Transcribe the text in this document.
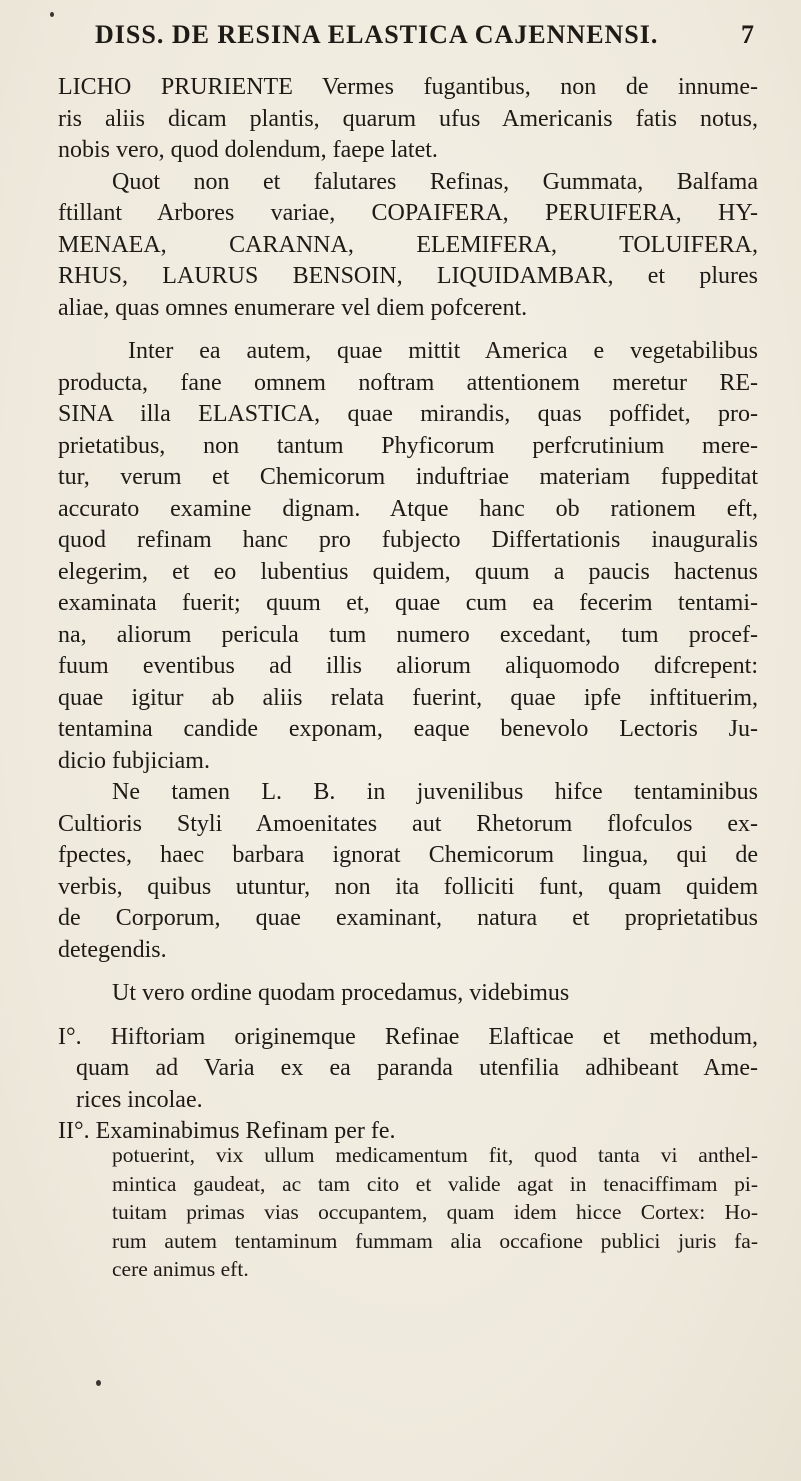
DISS. DE RESINA ELASTICA CAJENNENSI.	7

LICHO PRURIENTE Vermes fugantibus, non de innume-
ris aliis dicam plantis, quarum ufus Americanis fatis notus,
nobis vero, quod dolendum, faepe latet.

Quot non et falutares Refinas, Gummata, Balfama
ftillant Arbores variae, COPAIFERA, PERUIFERA, HY-
MENAEA, CARANNA, ELEMIFERA, TOLUIFERA,
RHUS, LAURUS BENSOIN, LIQUIDAMBAR, et plures
aliae, quas omnes enumerare vel diem pofcerent.

Inter ea autem, quae mittit America e vegetabilibus
producta, fane omnem noftram attentionem meretur RE-
SINA illa ELASTICA, quae mirandis, quas poffidet, pro-
prietatibus, non tantum Phyficorum perfcrutinium mere-
tur, verum et Chemicorum induftriae materiam fuppeditat
accurato examine dignam. Atque hanc ob rationem eft,
quod refinam hanc pro fubjecto Differtationis inauguralis
elegerim, et eo lubentius quidem, quum a paucis hactenus
examinata fuerit; quum et, quae cum ea fecerim tentami-
na, aliorum pericula tum numero excedant, tum procef-
fuum eventibus ad illis aliorum aliquomodo difcrepent:
quae igitur ab aliis relata fuerint, quae ipfe inftituerim,
tentamina candide exponam, eaque benevolo Lectoris Ju-
dicio fubjiciam.

Ne tamen L. B. in juvenilibus hifce tentaminibus
Cultioris Styli Amoenitates aut Rhetorum flofculos ex-
fpectes, haec barbara ignorat Chemicorum lingua, qui de
verbis, quibus utuntur, non ita folliciti funt, quam quidem
de Corporum, quae examinant, natura et proprietatibus
detegendis.

Ut vero ordine quodam procedamus, videbimus

I°. Hiftoriam originemque Refinae Elafticae et methodum,
quam ad Varia ex ea paranda utenfilia adhibeant Ame-
rices incolae.
II°. Examinabimus Refinam per fe.
potuerint, vix ullum medicamentum fit, quod tanta vi anthel-
mintica gaudeat, ac tam cito et valide agat in tenaciffimam pi-
tuitam primas vias occupantem, quam idem hicce Cortex: Ho-
rum autem tentaminum fummam alia occafione publici juris fa-
cere animus eft.
